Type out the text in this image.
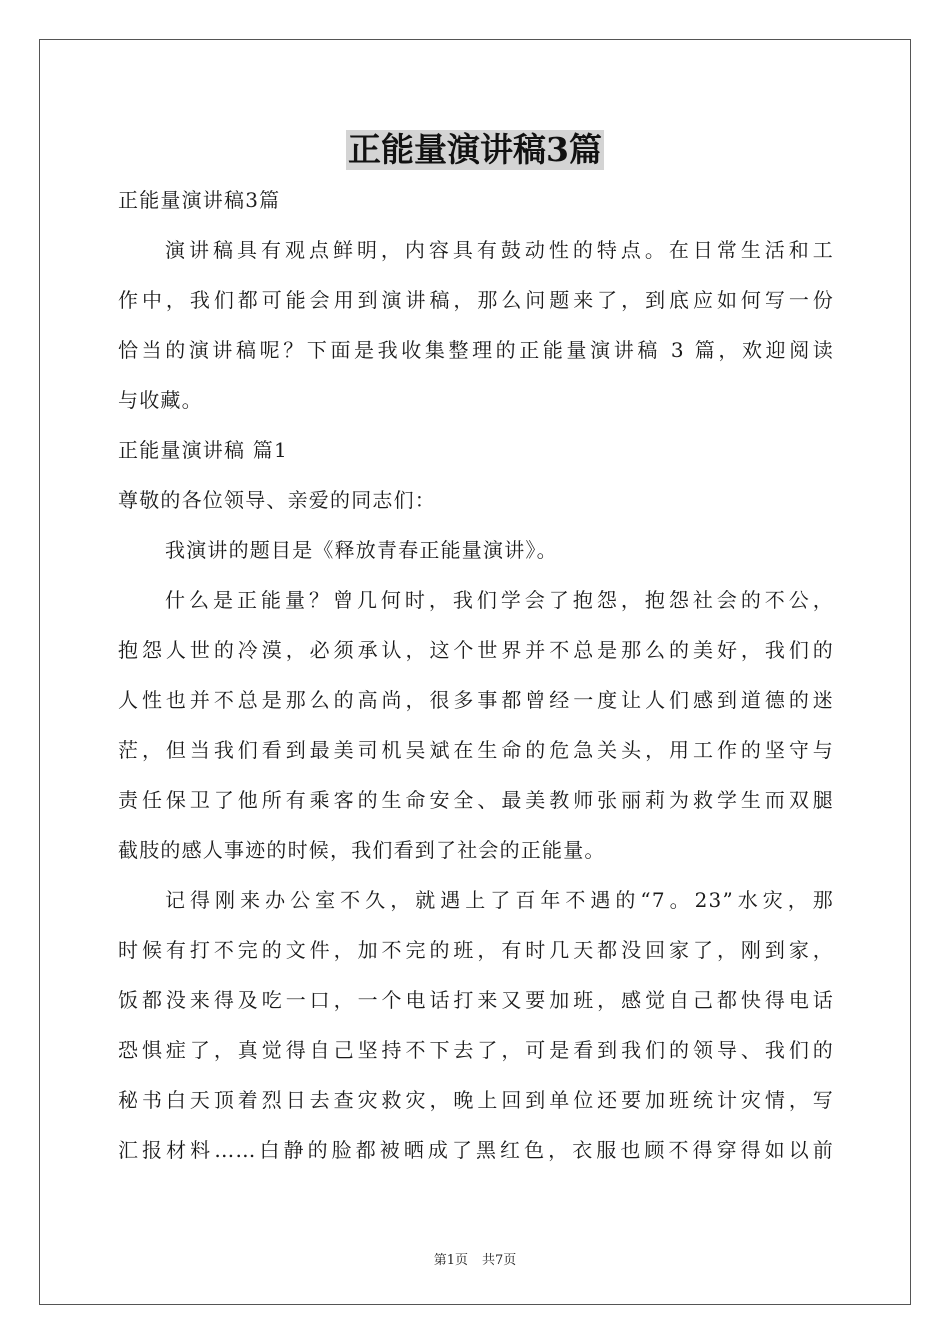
正能量演讲稿3篇
正能量演讲稿3篇
演讲稿具有观点鲜明，内容具有鼓动性的特点。在日常生活和工
作中，我们都可能会用到演讲稿，那么问题来了，到底应如何写一份
恰当的演讲稿呢？下面是我收集整理的正能量演讲稿 3 篇，欢迎阅读
与收藏。
正能量演讲稿 篇1
尊敬的各位领导、亲爱的同志们：
我演讲的题目是《释放青春正能量演讲》。
什么是正能量？曾几何时，我们学会了抱怨，抱怨社会的不公，
抱怨人世的冷漠，必须承认，这个世界并不总是那么的美好，我们的
人性也并不总是那么的高尚，很多事都曾经一度让人们感到道德的迷
茫，但当我们看到最美司机吴斌在生命的危急关头，用工作的坚守与
责任保卫了他所有乘客的生命安全、最美教师张丽莉为救学生而双腿
截肢的感人事迹的时候，我们看到了社会的正能量。
记得刚来办公室不久，就遇上了百年不遇的“7。23”水灾，那
时候有打不完的文件，加不完的班，有时几天都没回家了，刚到家，
饭都没来得及吃一口，一个电话打来又要加班，感觉自己都快得电话
恐惧症了，真觉得自己坚持不下去了，可是看到我们的领导、我们的
秘书白天顶着烈日去查灾救灾，晚上回到单位还要加班统计灾情，写
汇报材料……白静的脸都被晒成了黑红色，衣服也顾不得穿得如以前
第1页 共7页
